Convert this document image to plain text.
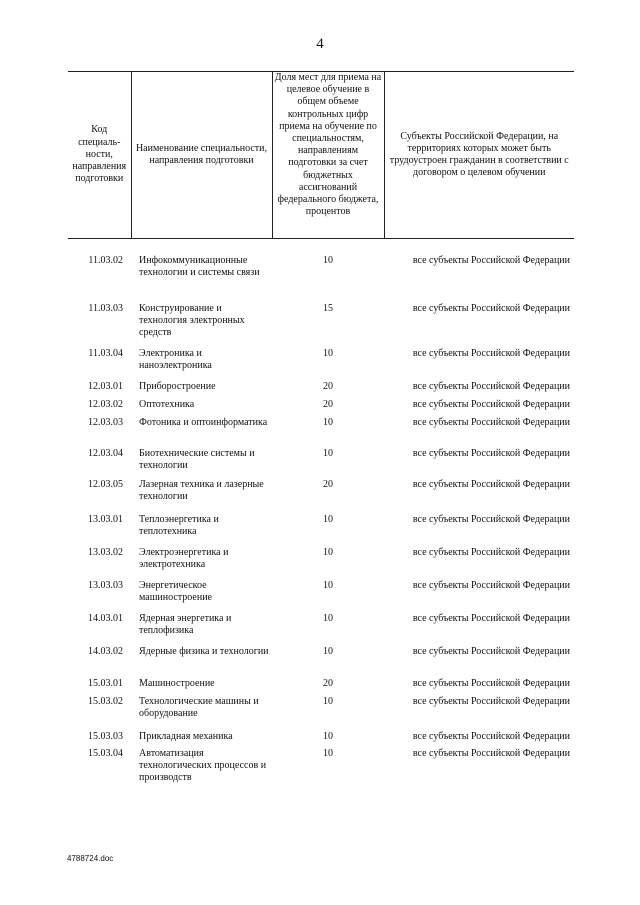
4
Код специаль-ности, направления подготовки	Наименование специальности, направления подготовки	Доля мест для приема на целевое обучение в общем объеме контрольных цифр приема на обучение по специальностям, направлениям подготовки за счет бюджетных ассигнований федерального бюджета, процентов	Субъекты Российской Федерации, на территориях которых может быть трудоустроен гражданин в соответствии с договором о целевом обучении
11.03.02	Инфокоммуникационные технологии и системы связи	10	все субъекты Российской Федерации
11.03.03	Конструирование и технология электронных средств	15	все субъекты Российской Федерации
11.03.04	Электроника и наноэлектроника	10	все субъекты Российской Федерации
12.03.01	Приборостроение	20	все субъекты Российской Федерации
12.03.02	Оптотехника	20	все субъекты Российской Федерации
12.03.03	Фотоника и оптоинформатика	10	все субъекты Российской Федерации
12.03.04	Биотехнические системы и технологии	10	все субъекты Российской Федерации
12.03.05	Лазерная техника и лазерные технологии	20	все субъекты Российской Федерации
13.03.01	Теплоэнергетика и теплотехника	10	все субъекты Российской Федерации
13.03.02	Электроэнергетика и электротехника	10	все субъекты Российской Федерации
13.03.03	Энергетическое машиностроение	10	все субъекты Российской Федерации
14.03.01	Ядерная энергетика и теплофизика	10	все субъекты Российской Федерации
14.03.02	Ядерные физика и технологии	10	все субъекты Российской Федерации
15.03.01	Машиностроение	20	все субъекты Российской Федерации
15.03.02	Технологические машины и оборудование	10	все субъекты Российской Федерации
15.03.03	Прикладная механика	10	все субъекты Российской Федерации
15.03.04	Автоматизация технологических процессов и производств	10	все субъекты Российской Федерации
4788724.doc
